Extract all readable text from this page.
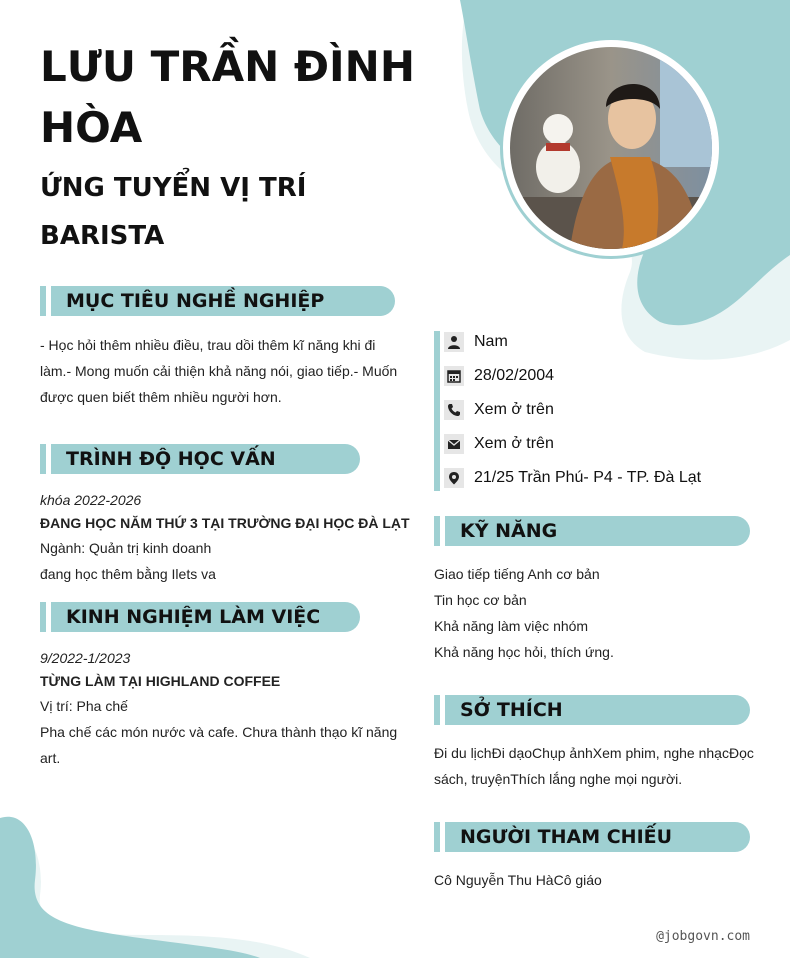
LƯU TRẦN ĐÌNH HÒA
ỨNG TUYỂN VỊ TRÍ BARISTA
MỤC TIÊU NGHỀ NGHIỆP
- Học hỏi thêm nhiều điều, trau dồi thêm kĩ năng khi đi làm.- Mong muốn cải thiện khả năng nói, giao tiếp.- Muốn được quen biết thêm nhiều người hơn.
TRÌNH ĐỘ HỌC VẤN
khóa 2022-2026
ĐANG HỌC NĂM THỨ 3 TẠI TRƯỜNG ĐẠI HỌC ĐÀ LẠT
Ngành: Quản trị kinh doanh
đang học thêm bằng Ilets va
KINH NGHIỆM LÀM VIỆC
9/2022-1/2023
TỪNG LÀM TẠI HIGHLAND COFFEE
Vị trí: Pha chế
Pha chế các món nước và cafe. Chưa thành thạo kĩ năng art.
Nam
28/02/2004
Xem ở trên
Xem ở trên
21/25 Trần Phú- P4 - TP. Đà Lạt
KỸ NĂNG
Giao tiếp tiếng Anh cơ bản
Tin học cơ bản
Khả năng làm việc nhóm
Khả năng học hỏi, thích ứng.
SỞ THÍCH
Đi du lịchĐi dạoChụp ảnhXem phim, nghe nhạcĐọc sách, truyệnThích lắng nghe mọi người.
NGƯỜI THAM CHIẾU
Cô Nguyễn Thu HàCô giáo
@jobgovn.com
